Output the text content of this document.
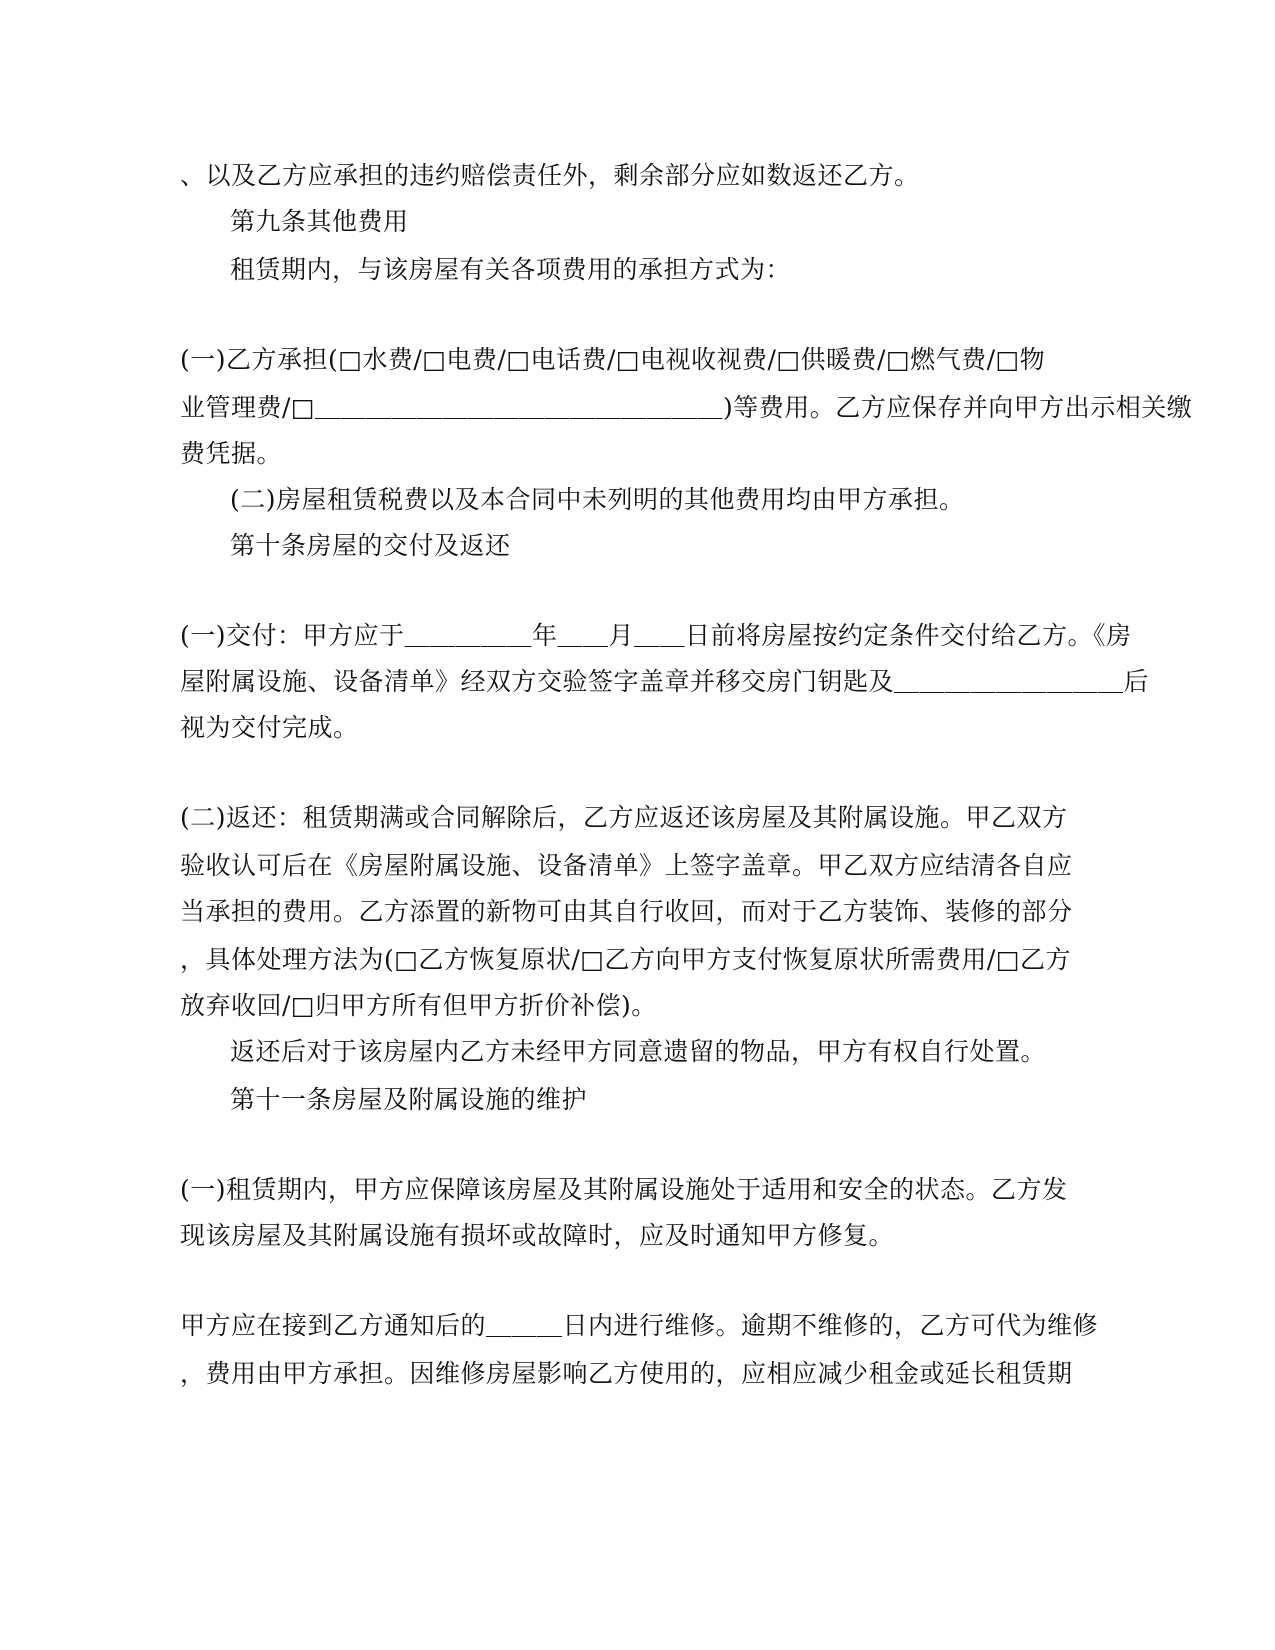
、以及乙方应承担的违约赔偿责任外，剩余部分应如数返还乙方。
第九条其他费用
租赁期内，与该房屋有关各项费用的承担方式为：
(一)乙方承担(□水费/□电费/□电话费/□电视收视费/□供暖费/□燃气费/□物
业管理费/□＿＿＿＿＿＿＿＿＿＿＿＿＿＿＿＿)等费用。乙方应保存并向甲方出示相关缴
费凭据。
(二)房屋租赁税费以及本合同中未列明的其他费用均由甲方承担。
第十条房屋的交付及返还
(一)交付：甲方应于＿＿＿＿＿年＿＿月＿＿日前将房屋按约定条件交付给乙方。《房
屋附属设施、设备清单》经双方交验签字盖章并移交房门钥匙及＿＿＿＿＿＿＿＿＿后
视为交付完成。
(二)返还：租赁期满或合同解除后，乙方应返还该房屋及其附属设施。甲乙双方
验收认可后在《房屋附属设施、设备清单》上签字盖章。甲乙双方应结清各自应
当承担的费用。乙方添置的新物可由其自行收回，而对于乙方装饰、装修的部分
，具体处理方法为(□乙方恢复原状/□乙方向甲方支付恢复原状所需费用/□乙方
放弃收回/□归甲方所有但甲方折价补偿)。
返还后对于该房屋内乙方未经甲方同意遗留的物品，甲方有权自行处置。
第十一条房屋及附属设施的维护
(一)租赁期内，甲方应保障该房屋及其附属设施处于适用和安全的状态。乙方发
现该房屋及其附属设施有损坏或故障时，应及时通知甲方修复。
甲方应在接到乙方通知后的＿＿＿日内进行维修。逾期不维修的，乙方可代为维修
，费用由甲方承担。因维修房屋影响乙方使用的，应相应减少租金或延长租赁期
